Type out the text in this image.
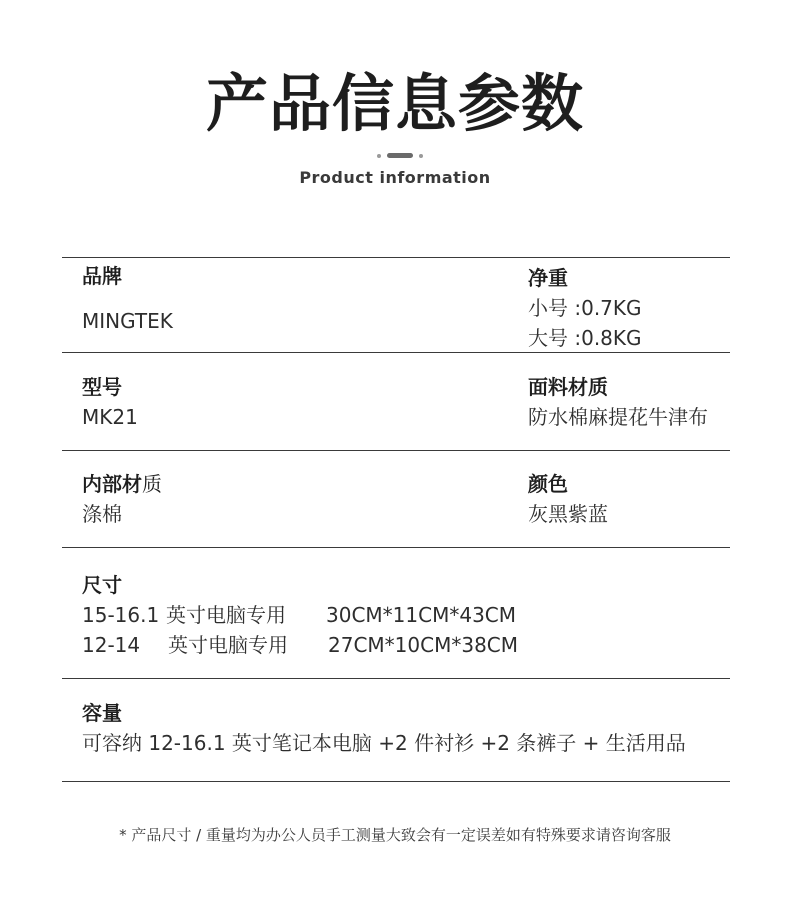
产品信息参数
Product information
品牌
MINGTEK
净重
小号 :0.7KG
大号 :0.8KG
型号
MK21
面料材质
防水棉麻提花牛津布
内部材质
涤棉
颜色
灰黑紫蓝
尺寸
15-16.1 英寸电脑专用 30CM*11CM*43CM
12-14 英寸电脑专用 27CM*10CM*38CM
容量
可容纳 12-16.1 英寸笔记本电脑 +2 件衬衫 +2 条裤子 + 生活用品
* 产品尺寸 / 重量均为办公人员手工测量大致会有一定误差如有特殊要求请咨询客服
